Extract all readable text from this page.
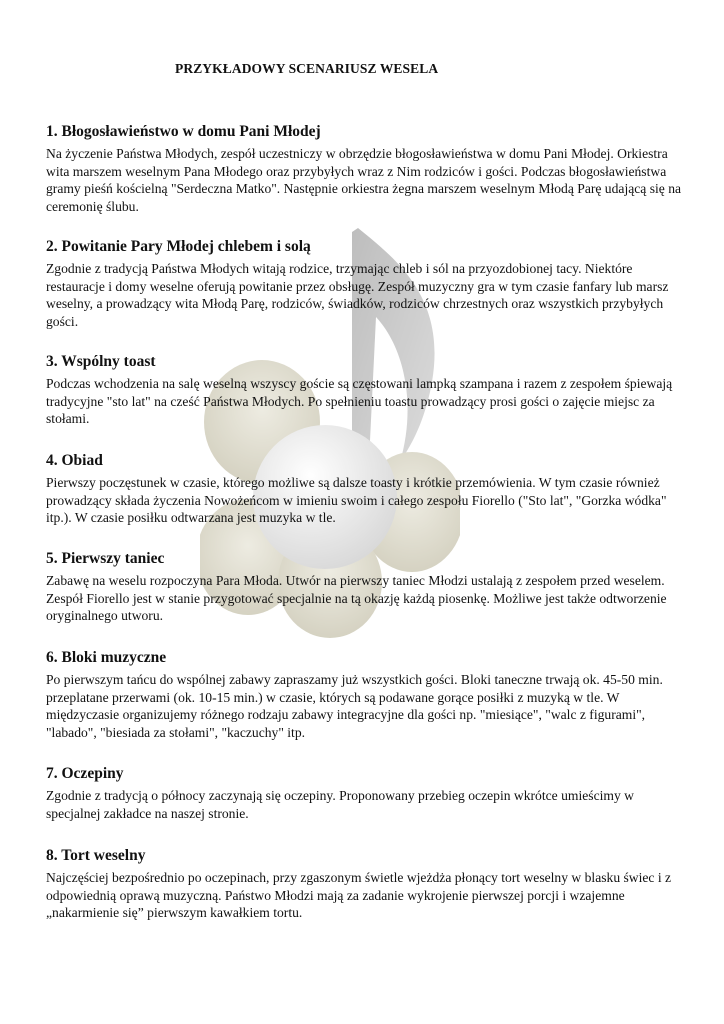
PRZYKŁADOWY SCENARIUSZ WESELA
1. Błogosławieństwo w domu Pani Młodej

Na życzenie Państwa Młodych, zespół uczestniczy w obrzędzie błogosławieństwa w domu Pani Młodej. Orkiestra wita marszem weselnym Pana Młodego oraz przybyłych wraz z Nim rodziców i gości. Podczas błogosławieństwa gramy pieśń kościelną "Serdeczna Matko". Następnie orkiestra żegna marszem weselnym Młodą Parę udającą się na ceremonię ślubu.

2. Powitanie Pary Młodej chlebem i solą

Zgodnie z tradycją Państwa Młodych witają rodzice, trzymając chleb i sól na przyozdobionej tacy. Niektóre restauracje i domy weselne oferują powitanie przez obsługę. Zespół muzyczny gra w tym czasie fanfary lub marsz weselny, a prowadzący wita Młodą Parę, rodziców, świadków, rodziców chrzestnych oraz wszystkich przybyłych gości.

3. Wspólny toast

Podczas wchodzenia na salę weselną wszyscy goście są częstowani lampką szampana i razem z zespołem śpiewają tradycyjne "sto lat" na cześć Państwa Młodych. Po spełnieniu toastu prowadzący prosi gości o zajęcie miejsc za stołami.

4. Obiad

Pierwszy poczęstunek w czasie, którego możliwe są dalsze toasty i krótkie przemówienia. W tym czasie również prowadzący składa życzenia Nowożeńcom w imieniu swoim i całego zespołu Fiorello ("Sto lat", "Gorzka wódka" itp.). W czasie posiłku odtwarzana jest muzyka w tle.

5. Pierwszy taniec

Zabawę na weselu rozpoczyna Para Młoda. Utwór na pierwszy taniec Młodzi ustalają z zespołem przed weselem. Zespół Fiorello jest w stanie przygotować specjalnie na tą okazję każdą piosenkę. Możliwe jest także odtworzenie oryginalnego utworu.

6. Bloki muzyczne

Po pierwszym tańcu do wspólnej zabawy zapraszamy już wszystkich gości. Bloki taneczne trwają ok. 45-50 min. przeplatane przerwami (ok. 10-15 min.) w czasie, których są podawane gorące posiłki z muzyką w tle. W międzyczasie organizujemy różnego rodzaju zabawy integracyjne dla gości np. "miesiące", "walc z figurami", "labado", "biesiada za stołami", "kaczuchy" itp.

7. Oczepiny

Zgodnie z tradycją o północy zaczynają się oczepiny. Proponowany przebieg oczepin wkrótce umieścimy w specjalnej zakładce na naszej stronie.

8. Tort weselny

Najczęściej bezpośrednio po oczepinach, przy zgaszonym świetle wjeżdża płonący tort weselny w blasku świec i z odpowiednią oprawą muzyczną. Państwo Młodzi mają za zadanie wykrojenie pierwszej porcji i wzajemne „nakarmienie się” pierwszym kawałkiem tortu.
